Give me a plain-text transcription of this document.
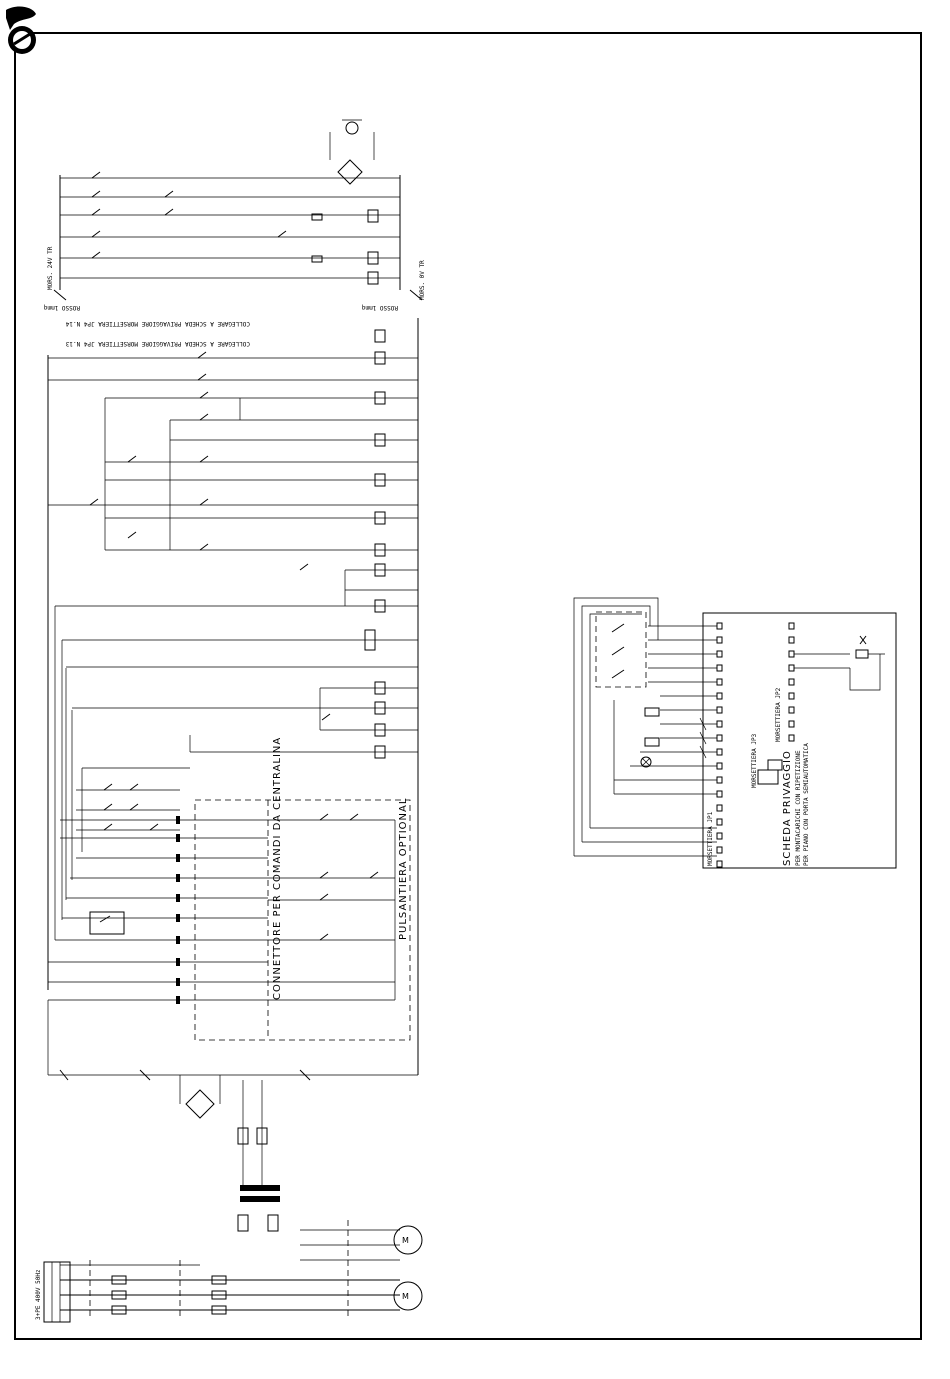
MORS. 24V TR	MORS. 0V TR
ROSSO 1mmq	ROSSO 1mmq
COLLEGARE A SCHEDA PRIVAGGIORE MORSETTIERA JP4 N.14
COLLEGARE A SCHEDA PRIVAGGIORE MORSETTIERA JP4 N.13
CONNETTORE PER COMANDI DA CENTRALINA	PULSANTIERA OPTIONAL
M
M
3+PE 400V 50Hz
SCHEDA PRIVAGGIO PER MONTACARICHI CON RIPETIZIONE PER PIANO CON PORTA SEMIAUTOMATICA
MORSETTIERA JP1
MORSETTIERA JP2
MORSETTIERA JP3
